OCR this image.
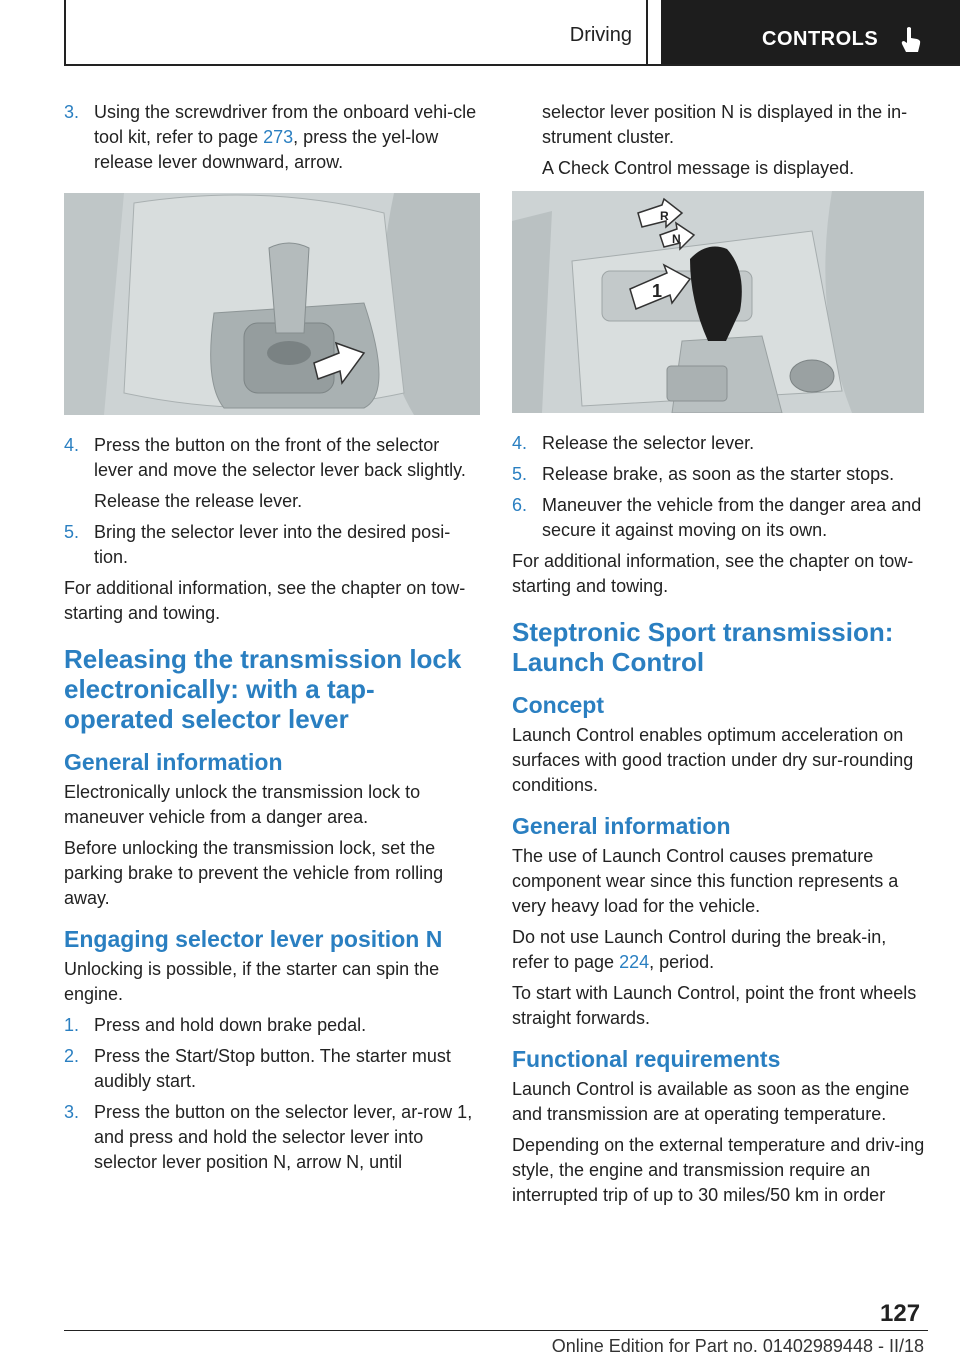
Driving	CONTROLS
3. Using the screwdriver from the onboard vehi‐cle tool kit, refer to page 273, press the yel‐low release lever downward, arrow.
4. Press the button on the front of the selector lever and move the selector lever back slightly.
Release the release lever.
5. Bring the selector lever into the desired posi‐tion.

For additional information, see the chapter on tow-starting and towing.

Releasing the transmission lock electronically: with a tap-operated selector lever
General information

Electronically unlock the transmission lock to maneuver vehicle from a danger area.

Before unlocking the transmission lock, set the parking brake to prevent the vehicle from rolling away.

Engaging selector lever position N

Unlocking is possible, if the starter can spin the engine.

1. Press and hold down brake pedal.
2. Press the Start/Stop button. The starter must audibly start.
3. Press the button on the selector lever, ar‐row 1, and press and hold the selector lever into selector lever position N, arrow N, until
selector lever position N is displayed in the in‐strument cluster.
A Check Control message is displayed.
R
N
1
4. Release the selector lever.
5. Release brake, as soon as the starter stops.
6. Maneuver the vehicle from the danger area and secure it against moving on its own.

For additional information, see the chapter on tow-starting and towing.

Steptronic Sport transmission: Launch Control
Concept

Launch Control enables optimum acceleration on surfaces with good traction under dry sur‐rounding conditions.

General information

The use of Launch Control causes premature component wear since this function represents a very heavy load for the vehicle.

Do not use Launch Control during the break-in, refer to page 224, period.

To start with Launch Control, point the front wheels straight forwards.

Functional requirements

Launch Control is available as soon as the engine and transmission are at operating temperature.

Depending on the external temperature and driv‐ing style, the engine and transmission require an interrupted trip of up to 30 miles/50 km in order

127
Online Edition for Part no. 01402989448 - II/18
